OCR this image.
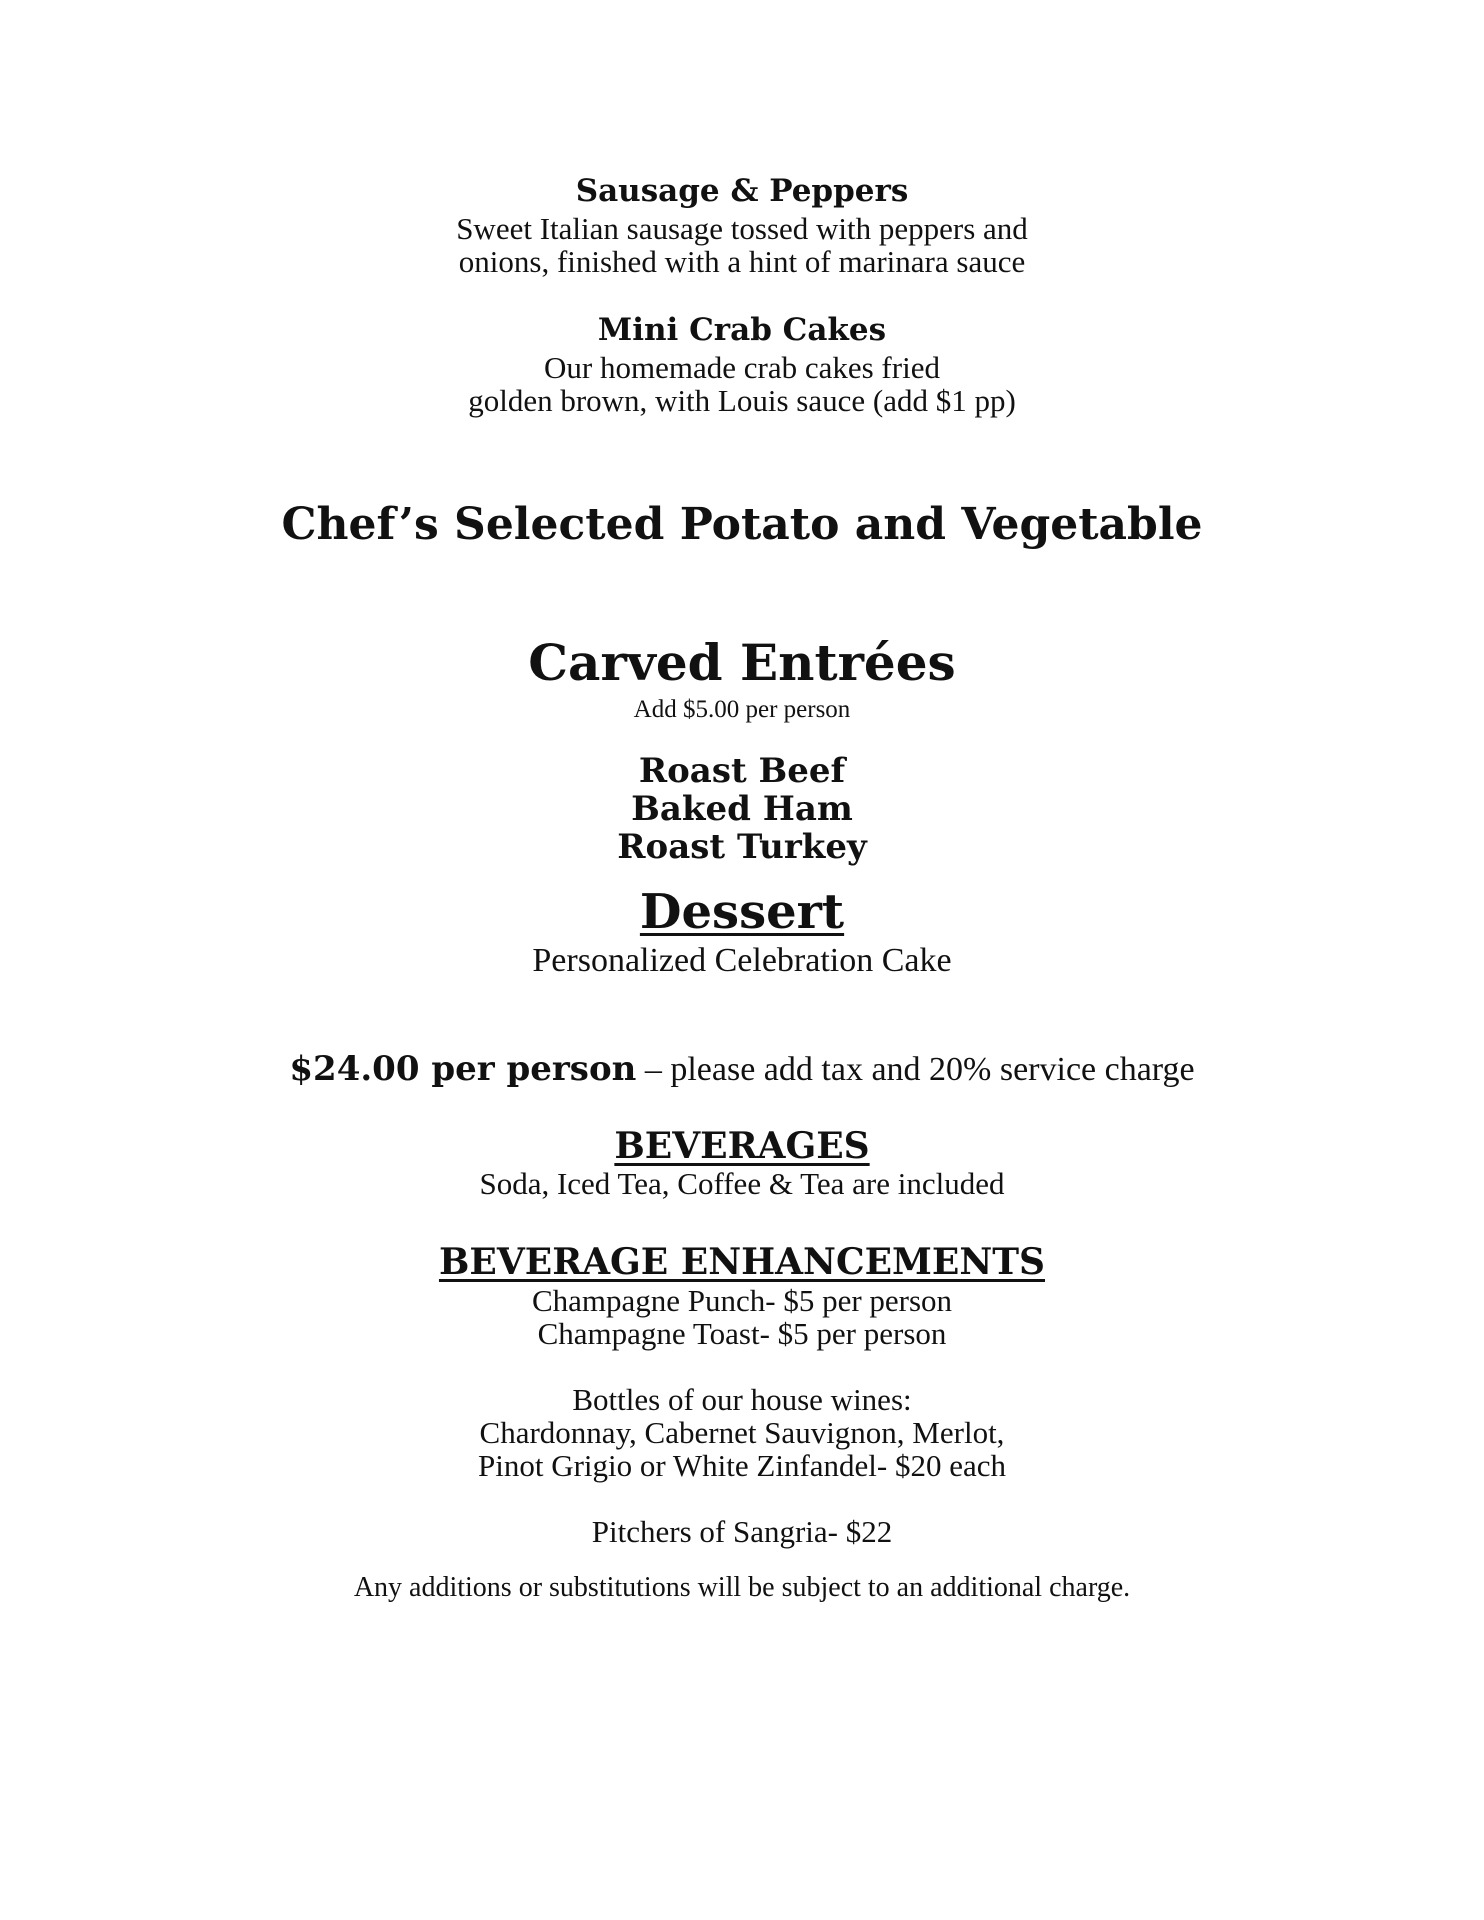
Sausage & Peppers
Sweet Italian sausage tossed with peppers and
onions, finished with a hint of marinara sauce
Mini Crab Cakes
Our homemade crab cakes fried
golden brown, with Louis sauce (add $1 pp)
Chef’s Selected Potato and Vegetable
Carved Entrées
Add $5.00 per person
Roast Beef
Baked Ham
Roast Turkey
Dessert
Personalized Celebration Cake
$24.00 per person – please add tax and 20% service charge
BEVERAGES
Soda, Iced Tea, Coffee & Tea are included
BEVERAGE ENHANCEMENTS
Champagne Punch- $5 per person
Champagne Toast- $5 per person
Bottles of our house wines:
Chardonnay, Cabernet Sauvignon, Merlot,
Pinot Grigio or White Zinfandel- $20 each
Pitchers of Sangria- $22
Any additions or substitutions will be subject to an additional charge.
